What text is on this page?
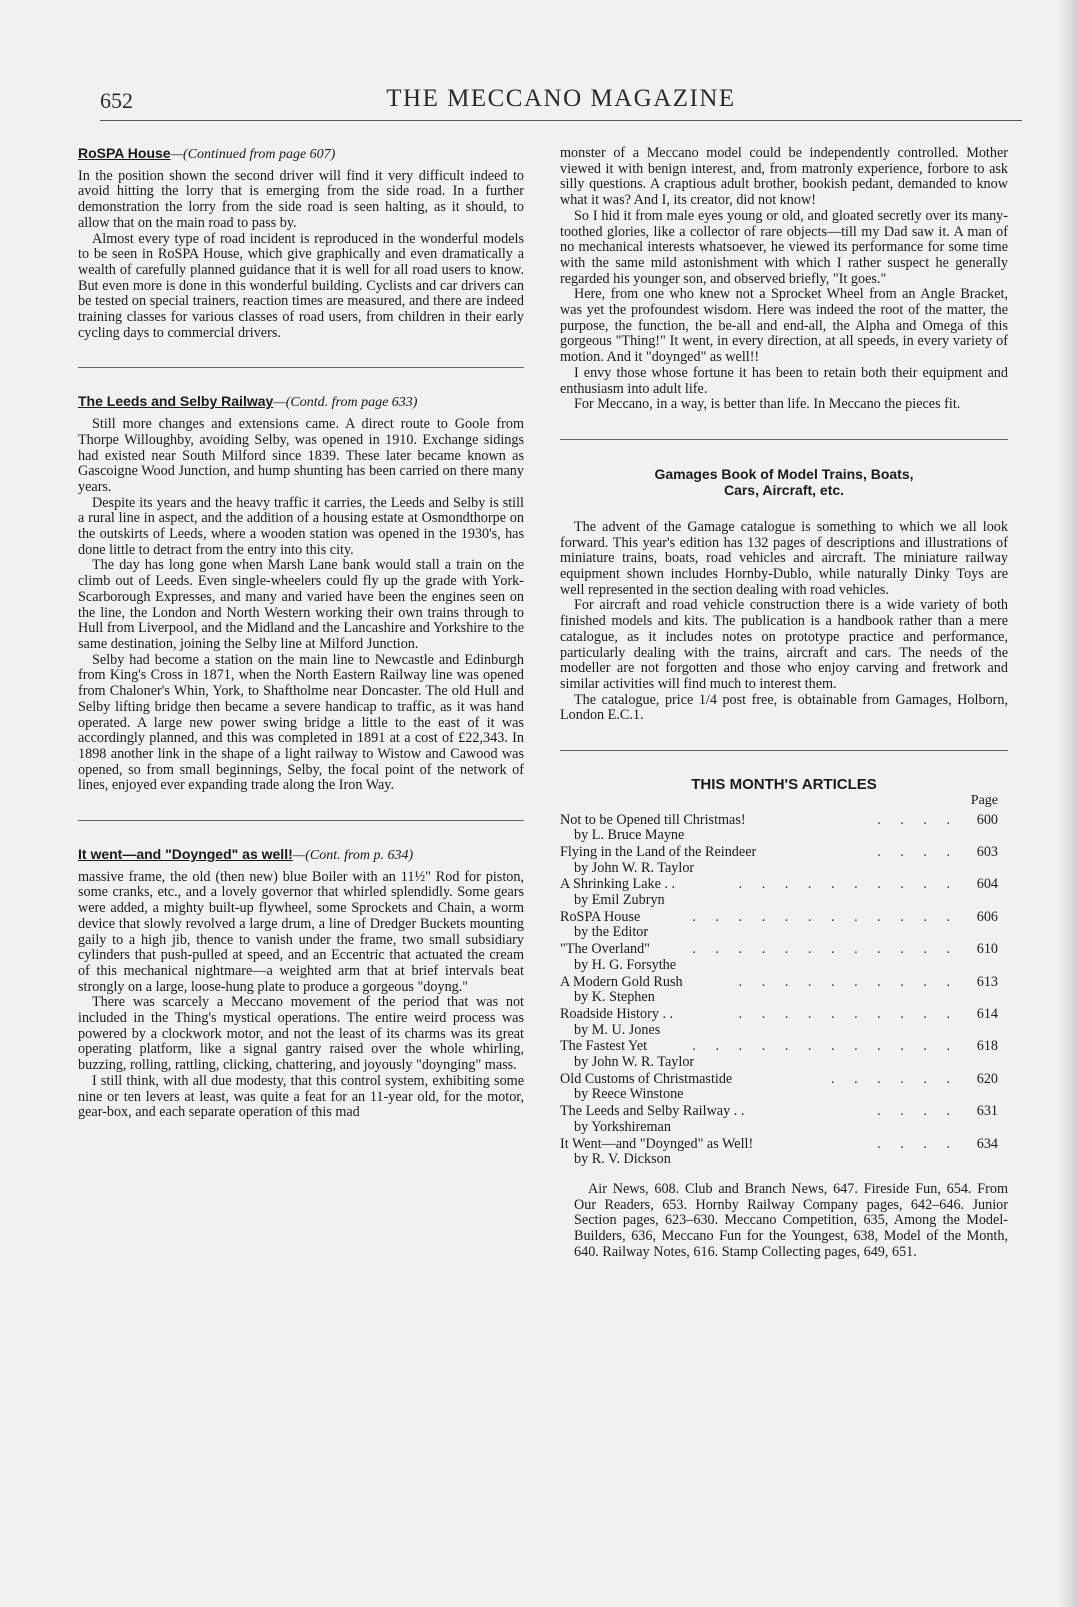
652	THE MECCANO MAGAZINE
RoSPA House—(Continued from page 607)

In the position shown the second driver will find it very difficult indeed to avoid hitting the lorry that is emerging from the side road. In a further demonstration the lorry from the side road is seen halting, as it should, to allow that on the main road to pass by.

Almost every type of road incident is reproduced in the wonderful models to be seen in RoSPA House, which give graphically and even dramatically a wealth of carefully planned guidance that it is well for all road users to know. But even more is done in this wonderful building. Cyclists and car drivers can be tested on special trainers, reaction times are measured, and there are indeed training classes for various classes of road users, from children in their early cycling days to commercial drivers.

The Leeds and Selby Railway—(Contd. from page 633)

Still more changes and extensions came. A direct route to Goole from Thorpe Willoughby, avoiding Selby, was opened in 1910. Exchange sidings had existed near South Milford since 1839. These later became known as Gascoigne Wood Junction, and hump shunting has been carried on there many years.

Despite its years and the heavy traffic it carries, the Leeds and Selby is still a rural line in aspect, and the addition of a housing estate at Osmondthorpe on the outskirts of Leeds, where a wooden station was opened in the 1930's, has done little to detract from the entry into this city.

The day has long gone when Marsh Lane bank would stall a train on the climb out of Leeds. Even single-wheelers could fly up the grade with York-Scarborough Expresses, and many and varied have been the engines seen on the line, the London and North Western working their own trains through to Hull from Liverpool, and the Midland and the Lancashire and Yorkshire to the same destination, joining the Selby line at Milford Junction.

Selby had become a station on the main line to Newcastle and Edinburgh from King's Cross in 1871, when the North Eastern Railway line was opened from Chaloner's Whin, York, to Shaftholme near Doncaster. The old Hull and Selby lifting bridge then became a severe handicap to traffic, as it was hand operated. A large new power swing bridge a little to the east of it was accordingly planned, and this was completed in 1891 at a cost of £22,343. In 1898 another link in the shape of a light railway to Wistow and Cawood was opened, so from small beginnings, Selby, the focal point of the network of lines, enjoyed ever expanding trade along the Iron Way.

It went—and "Doynged" as well!—(Cont. from p. 634)

massive frame, the old (then new) blue Boiler with an 11½" Rod for piston, some cranks, etc., and a lovely governor that whirled splendidly. Some gears were added, a mighty built-up flywheel, some Sprockets and Chain, a worm device that slowly revolved a large drum, a line of Dredger Buckets mounting gaily to a high jib, thence to vanish under the frame, two small subsidiary cylinders that push-pulled at speed, and an Eccentric that actuated the cream of this mechanical nightmare—a weighted arm that at brief intervals beat strongly on a large, loose-hung plate to produce a gorgeous "doyng."

There was scarcely a Meccano movement of the period that was not included in the Thing's mystical operations. The entire weird process was powered by a clockwork motor, and not the least of its charms was its great operating platform, like a signal gantry raised over the whole whirling, buzzing, rolling, rattling, clicking, chattering, and joyously "doynging" mass.

I still think, with all due modesty, that this control system, exhibiting some nine or ten levers at least, was quite a feat for an 11-year old, for the motor, gear-box, and each separate operation of this mad

monster of a Meccano model could be independently controlled. Mother viewed it with benign interest, and, from matronly experience, forbore to ask silly questions. A craptious adult brother, bookish pedant, demanded to know what it was? And I, its creator, did not know!

So I hid it from male eyes young or old, and gloated secretly over its many-toothed glories, like a collector of rare objects—till my Dad saw it. A man of no mechanical interests whatsoever, he viewed its performance for some time with the same mild astonishment with which I rather suspect he generally regarded his younger son, and observed briefly, "It goes."

Here, from one who knew not a Sprocket Wheel from an Angle Bracket, was yet the profoundest wisdom. Here was indeed the root of the matter, the purpose, the function, the be-all and end-all, the Alpha and Omega of this gorgeous "Thing!" It went, in every direction, at all speeds, in every variety of motion. And it "doynged" as well!!

I envy those whose fortune it has been to retain both their equipment and enthusiasm into adult life.

For Meccano, in a way, is better than life. In Meccano the pieces fit.

Gamages Book of Model Trains, Boats,
Cars, Aircraft, etc.

The advent of the Gamage catalogue is something to which we all look forward. This year's edition has 132 pages of descriptions and illustrations of miniature trains, boats, road vehicles and aircraft. The miniature railway equipment shown includes Hornby-Dublo, while naturally Dinky Toys are well represented in the section dealing with road vehicles.

For aircraft and road vehicle construction there is a wide variety of both finished models and kits. The publication is a handbook rather than a mere catalogue, as it includes notes on prototype practice and performance, particularly dealing with the trains, aircraft and cars. The needs of the modeller are not forgotten and those who enjoy carving and fretwork and similar activities will find much to interest them.

The catalogue, price 1/4 post free, is obtainable from Gamages, Holborn, London E.C.1.

THIS MONTH'S ARTICLES
Page
Not to be Opened till Christmas!	. . . .	600
by L. Bruce Mayne
Flying in the Land of the Reindeer	. . . .	603
by John W. R. Taylor
A Shrinking Lake . .	. . . . . . . . . .	604
by Emil Zubryn
RoSPA House	. . . . . . . . . . . .	606
by the Editor
"The Overland"	. . . . . . . . . . . .	610
by H. G. Forsythe
A Modern Gold Rush	. . . . . . . . . .	613
by K. Stephen
Roadside History . .	. . . . . . . . . .	614
by M. U. Jones
The Fastest Yet	. . . . . . . . . . . .	618
by John W. R. Taylor
Old Customs of Christmastide	. . . . . .	620
by Reece Winstone
The Leeds and Selby Railway . .	. . . .	631
by Yorkshireman
It Went—and "Doynged" as Well!	. . . .	634
by R. V. Dickson

Air News, 608. Club and Branch News, 647. Fireside Fun, 654. From Our Readers, 653. Hornby Railway Company pages, 642–646. Junior Section pages, 623–630. Meccano Competition, 635, Among the Model-Builders, 636, Meccano Fun for the Youngest, 638, Model of the Month, 640. Railway Notes, 616. Stamp Collecting pages, 649, 651.
